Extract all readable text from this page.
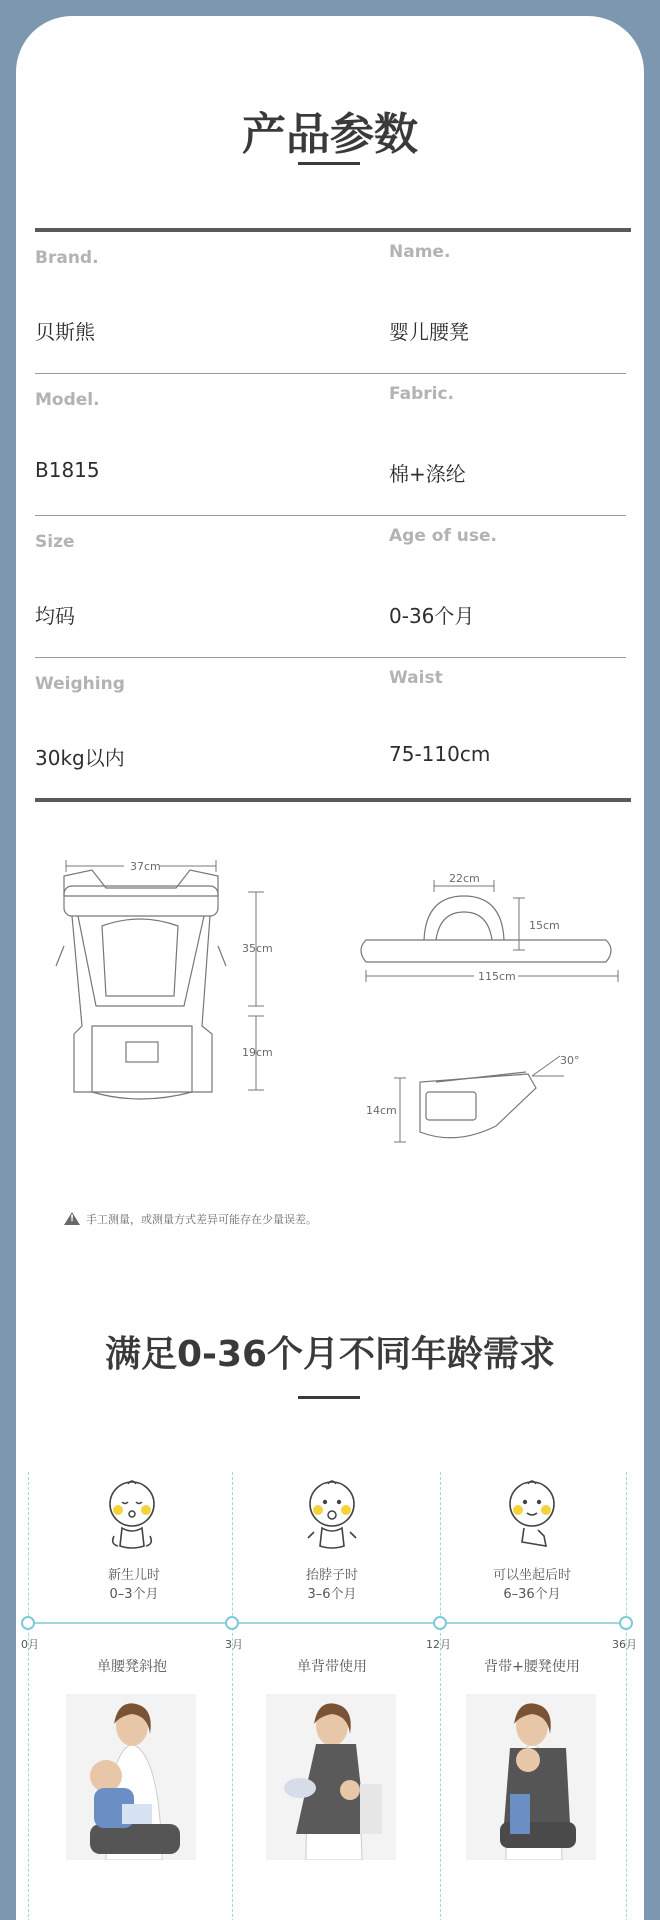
产品参数
Brand.	Name.
贝斯熊	婴儿腰凳
Model.	Fabric.
B1815	棉+涤纶
Size	Age of use.
均码	0-36个月
Weighing	Waist
30kg以内	75-110cm
37cm
35cm
19cm
22cm
15cm
115cm
14cm
30°
! 手工测量，或测量方式差异可能存在少量误差。
满足0-36个月不同年龄需求
新生儿时
0–3个月
抬脖子时
3–6个月
可以坐起后时
6–36个月
0月	3月	12月	36月
单腰凳斜抱	单背带使用	背带+腰凳使用
